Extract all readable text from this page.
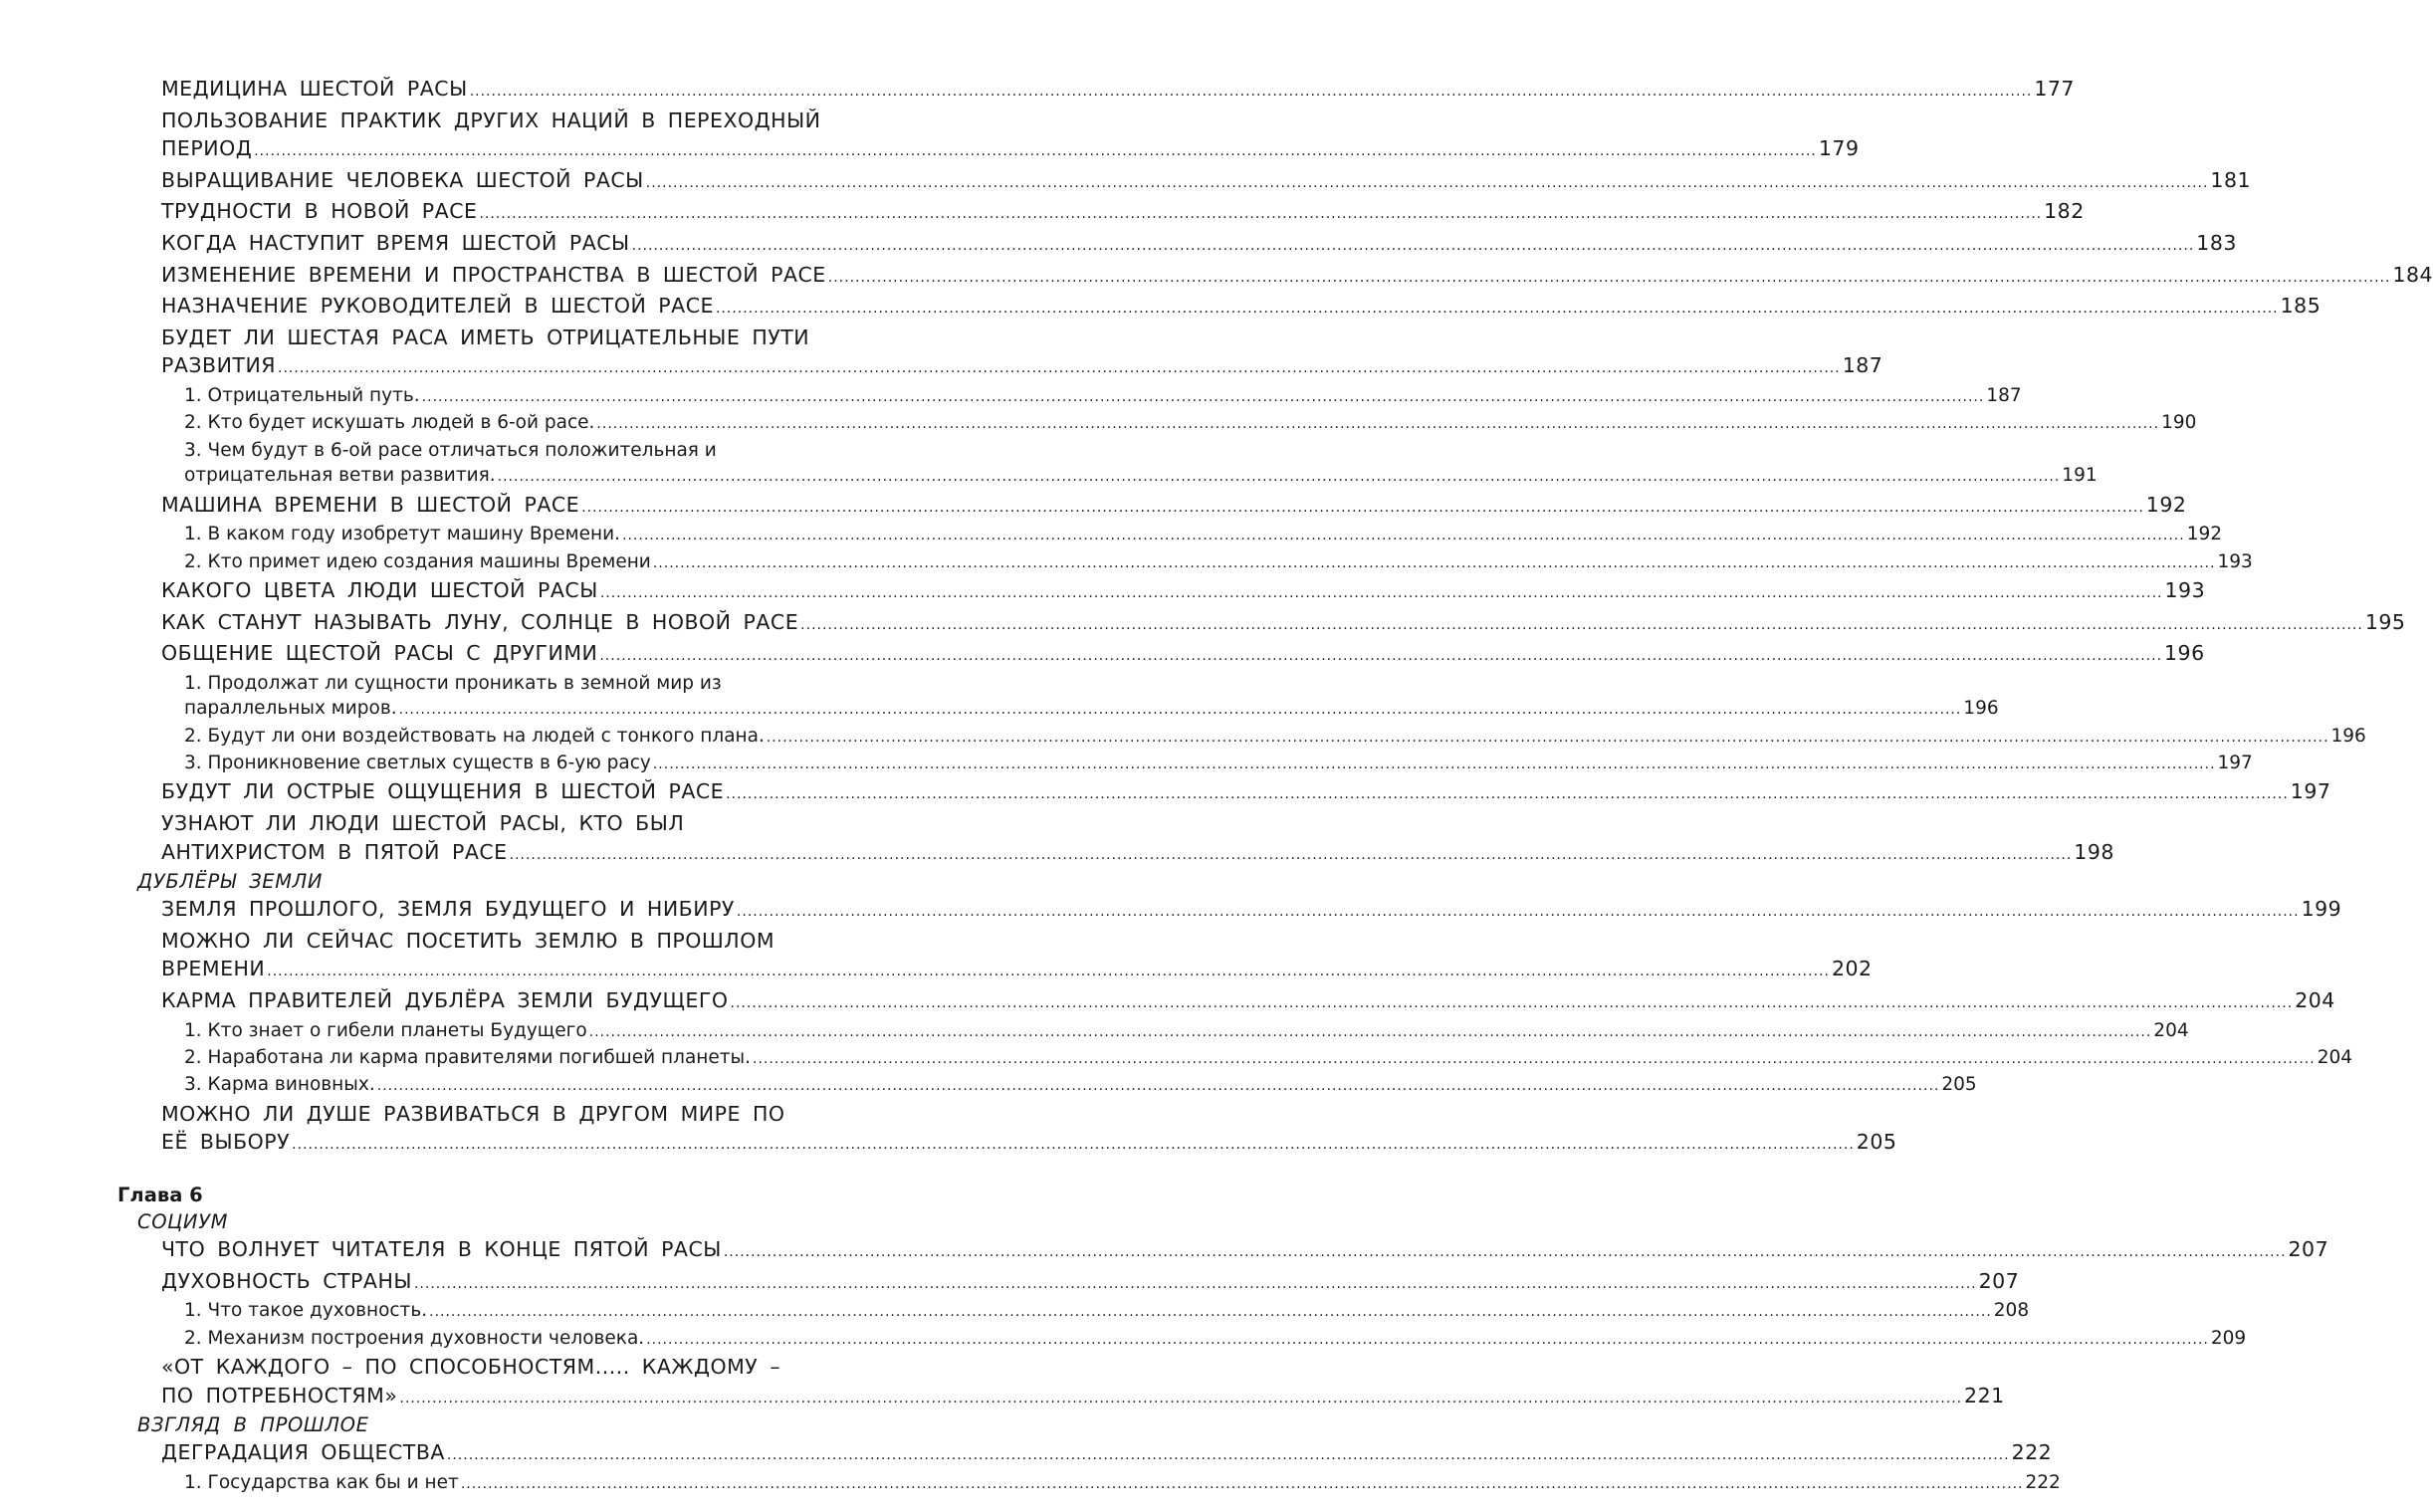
МЕДИЦИНА ШЕСТОЙ РАСЫ .....	177
ПОЛЬЗОВАНИЕ ПРАКТИК ДРУГИХ НАЦИЙ В ПЕРЕХОДНЫЙ
ПЕРИОД .....	179
ВЫРАЩИВАНИЕ ЧЕЛОВЕКА ШЕСТОЙ РАСЫ .....	181
ТРУДНОСТИ В НОВОЙ РАСЕ .....	182
КОГДА НАСТУПИТ ВРЕМЯ ШЕСТОЙ РАСЫ .....	183
ИЗМЕНЕНИЕ ВРЕМЕНИ И ПРОСТРАНСТВА В ШЕСТОЙ РАСЕ .....	184
НАЗНАЧЕНИЕ РУКОВОДИТЕЛЕЙ В ШЕСТОЙ РАСЕ .....	185
БУДЕТ ЛИ ШЕСТАЯ РАСА ИМЕТЬ ОТРИЦАТЕЛЬНЫЕ ПУТИ
РАЗВИТИЯ .....	187
1. Отрицательный путь. .....	187
2. Кто будет искушать людей в 6-ой расе. .....	190
3. Чем будут в 6-ой расе отличаться положительная и
отрицательная ветви развития. .....	191
МАШИНА ВРЕМЕНИ В ШЕСТОЙ РАСЕ .....	192
1. В каком году изобретут машину Времени. .....	192
2. Кто примет идею создания машины Времени .....	193
КАКОГО ЦВЕТА ЛЮДИ ШЕСТОЙ РАСЫ .....	193
КАК СТАНУТ НАЗЫВАТЬ ЛУНУ, СОЛНЦЕ В НОВОЙ РАСЕ .....	195
ОБЩЕНИЕ ЩЕСТОЙ РАСЫ С ДРУГИМИ .....	196
1. Продолжат ли сущности проникать в земной мир из
параллельных миров. .....	196
2. Будут ли они воздействовать на людей с тонкого плана. .....	196
3. Проникновение светлых существ в 6-ую расу .....	197
БУДУТ ЛИ ОСТРЫЕ ОЩУЩЕНИЯ В ШЕСТОЙ РАСЕ .....	197
УЗНАЮТ ЛИ ЛЮДИ ШЕСТОЙ РАСЫ, КТО БЫЛ
АНТИХРИСТОМ В ПЯТОЙ РАСЕ .....	198
ДУБЛЁРЫ ЗЕМЛИ
ЗЕМЛЯ ПРОШЛОГО, ЗЕМЛЯ БУДУЩЕГО И НИБИРУ .....	199
МОЖНО ЛИ СЕЙЧАС ПОСЕТИТЬ ЗЕМЛЮ В ПРОШЛОМ
ВРЕМЕНИ .....	202
КАРМА ПРАВИТЕЛЕЙ ДУБЛЁРА ЗЕМЛИ БУДУЩЕГО .....	204
1. Кто знает о гибели планеты Будущего .....	204
2. Наработана ли карма правителями погибшей планеты. .....	204
3. Карма виновных. .....	205
МОЖНО ЛИ ДУШЕ РАЗВИВАТЬСЯ В ДРУГОМ МИРЕ ПО
ЕЁ ВЫБОРУ .....	205
Глава 6
СОЦИУМ
ЧТО ВОЛНУЕТ ЧИТАТЕЛЯ В КОНЦЕ ПЯТОЙ РАСЫ .....	207
ДУХОВНОСТЬ СТРАНЫ .....	207
1. Что такое духовность. .....	208
2. Механизм построения духовности человека. .....	209
«ОТ КАЖДОГО – ПО СПОСОБНОСТЯМ..... КАЖДОМУ –
ПО ПОТРЕБНОСТЯМ» .....	221
ВЗГЛЯД В ПРОШЛОЕ
ДЕГРАДАЦИЯ ОБЩЕСТВА .....	222
1. Государства как бы и нет .....	222
